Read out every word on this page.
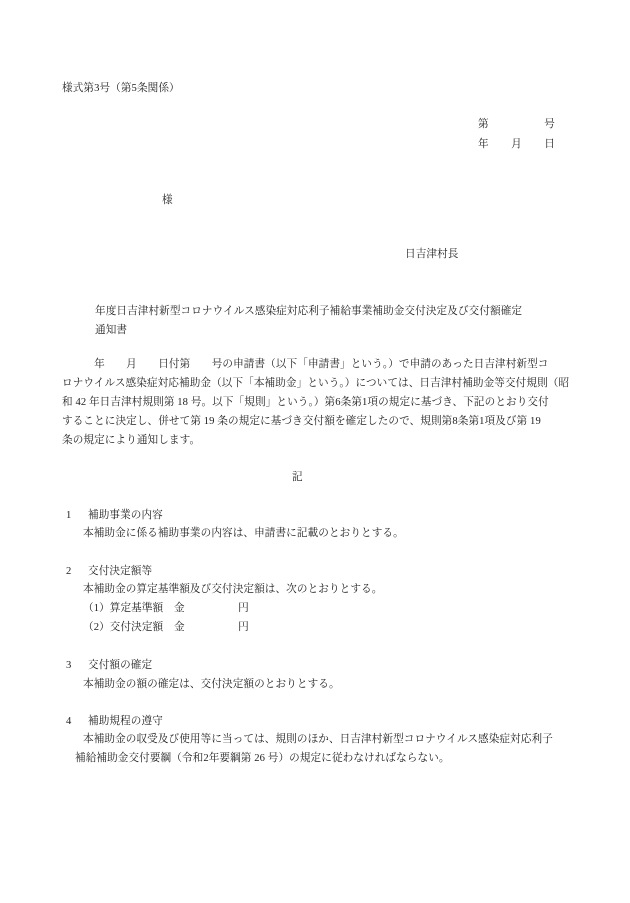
様式第3号（第5条関係）
第	号
年 月 日
様
日吉津村長
年度日吉津村新型コロナウイルス感染症対応利子補給事業補助金交付決定及び交付額確定
通知書
　　　年　　月　　日付第　　号の申請書（以下「申請書」という。）で申請のあった日吉津村新型コ
ロナウイルス感染症対応補助金（以下「本補助金」という。）については、日吉津村補助金等交付規則（昭
和 42 年日吉津村規則第 18 号。以下「規則」という。）第6条第1項の規定に基づき、下記のとおり交付
することに決定し、併せて第 19 条の規定に基づき交付額を確定したので、規則第8条第1項及び第 19
条の規定により通知します。
記
1 補助事業の内容
本補助金に係る補助事業の内容は、申請書に記載のとおりとする。
2 交付決定額等
本補助金の算定基準額及び交付決定額は、次のとおりとする。
（1）算定基準額　金　　　　　円
（2）交付決定額　金　　　　　円
3 交付額の確定
本補助金の額の確定は、交付決定額のとおりとする。
4 補助規程の遵守
本補助金の収受及び使用等に当っては、規則のほか、日吉津村新型コロナウイルス感染症対応利子
補給補助金交付要綱（令和2年要綱第 26 号）の規定に従わなければならない。
